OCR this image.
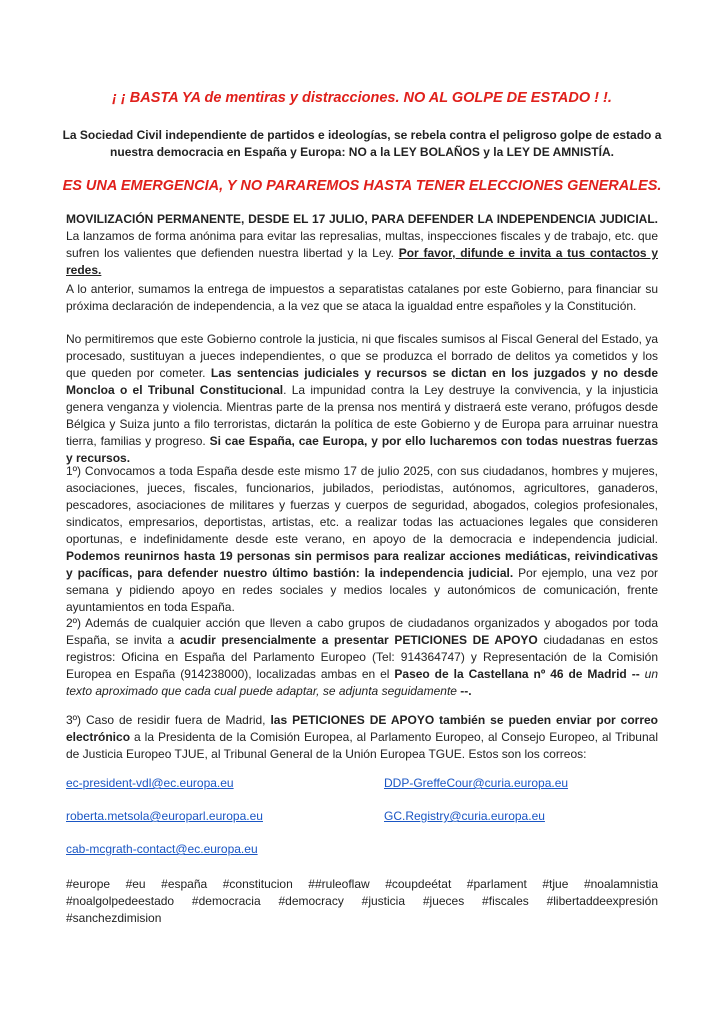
¡ ¡ BASTA YA de mentiras y distracciones. NO AL GOLPE DE ESTADO ! !.
La Sociedad Civil independiente de partidos e ideologías, se rebela contra el peligroso golpe de estado a nuestra democracia en España y Europa: NO a la LEY BOLAÑOS y la LEY DE AMNISTÍA.
ES UNA EMERGENCIA, Y NO PARAREMOS HASTA TENER ELECCIONES GENERALES.
MOVILIZACIÓN PERMANENTE, DESDE EL 17 JULIO, PARA DEFENDER LA INDEPENDENCIA JUDICIAL. La lanzamos de forma anónima para evitar las represalias, multas, inspecciones fiscales y de trabajo, etc. que sufren los valientes que defienden nuestra libertad y la Ley. Por favor, difunde e invita a tus contactos y redes.
A lo anterior, sumamos la entrega de impuestos a separatistas catalanes por este Gobierno, para financiar su próxima declaración de independencia, a la vez que se ataca la igualdad entre españoles y la Constitución.
No permitiremos que este Gobierno controle la justicia, ni que fiscales sumisos al Fiscal General del Estado, ya procesado, sustituyan a jueces independientes, o que se produzca el borrado de delitos ya cometidos y los que queden por cometer. Las sentencias judiciales y recursos se dictan en los juzgados y no desde Moncloa o el Tribunal Constitucional. La impunidad contra la Ley destruye la convivencia, y la injusticia genera venganza y violencia. Mientras parte de la prensa nos mentirá y distraerá este verano, prófugos desde Bélgica y Suiza junto a filo terroristas, dictarán la política de este Gobierno y de Europa para arruinar nuestra tierra, familias y progreso. Si cae España, cae Europa, y por ello lucharemos con todas nuestras fuerzas y recursos.
1º) Convocamos a toda España desde este mismo 17 de julio 2025, con sus ciudadanos, hombres y mujeres, asociaciones, jueces, fiscales, funcionarios, jubilados, periodistas, autónomos, agricultores, ganaderos, pescadores, asociaciones de militares y fuerzas y cuerpos de seguridad, abogados, colegios profesionales, sindicatos, empresarios, deportistas, artistas, etc. a realizar todas las actuaciones legales que consideren oportunas, e indefinidamente desde este verano, en apoyo de la democracia e independencia judicial. Podemos reunirnos hasta 19 personas sin permisos para realizar acciones mediáticas, reivindicativas y pacíficas, para defender nuestro último bastión: la independencia judicial. Por ejemplo, una vez por semana y pidiendo apoyo en redes sociales y medios locales y autonómicos de comunicación, frente ayuntamientos en toda España.
2º) Además de cualquier acción que lleven a cabo grupos de ciudadanos organizados y abogados por toda España, se invita a acudir presencialmente a presentar PETICIONES DE APOYO ciudadanas en estos registros: Oficina en España del Parlamento Europeo (Tel: 914364747) y Representación de la Comisión Europea en España (914238000), localizadas ambas en el Paseo de la Castellana nº 46 de Madrid -- un texto aproximado que cada cual puede adaptar, se adjunta seguidamente --.
3º) Caso de residir fuera de Madrid, las PETICIONES DE APOYO también se pueden enviar por correo electrónico a la Presidenta de la Comisión Europea, al Parlamento Europeo, al Consejo Europeo, al Tribunal de Justicia Europeo TJUE, al Tribunal General de la Unión Europea TGUE. Estos son los correos:
ec-president-vdl@ec.europa.eu	DDP-GreffeCour@curia.europa.eu
roberta.metsola@europarl.europa.eu	GC.Registry@curia.europa.eu
cab-mcgrath-contact@ec.europa.eu
#europe #eu #españa #constitucion ##ruleoflaw #coupdeétat #parlament #tjue #noalamnistia #noalgolpedeestado #democracia #democracy #justicia #jueces #fiscales #libertaddeexpresión #sanchezdimision
